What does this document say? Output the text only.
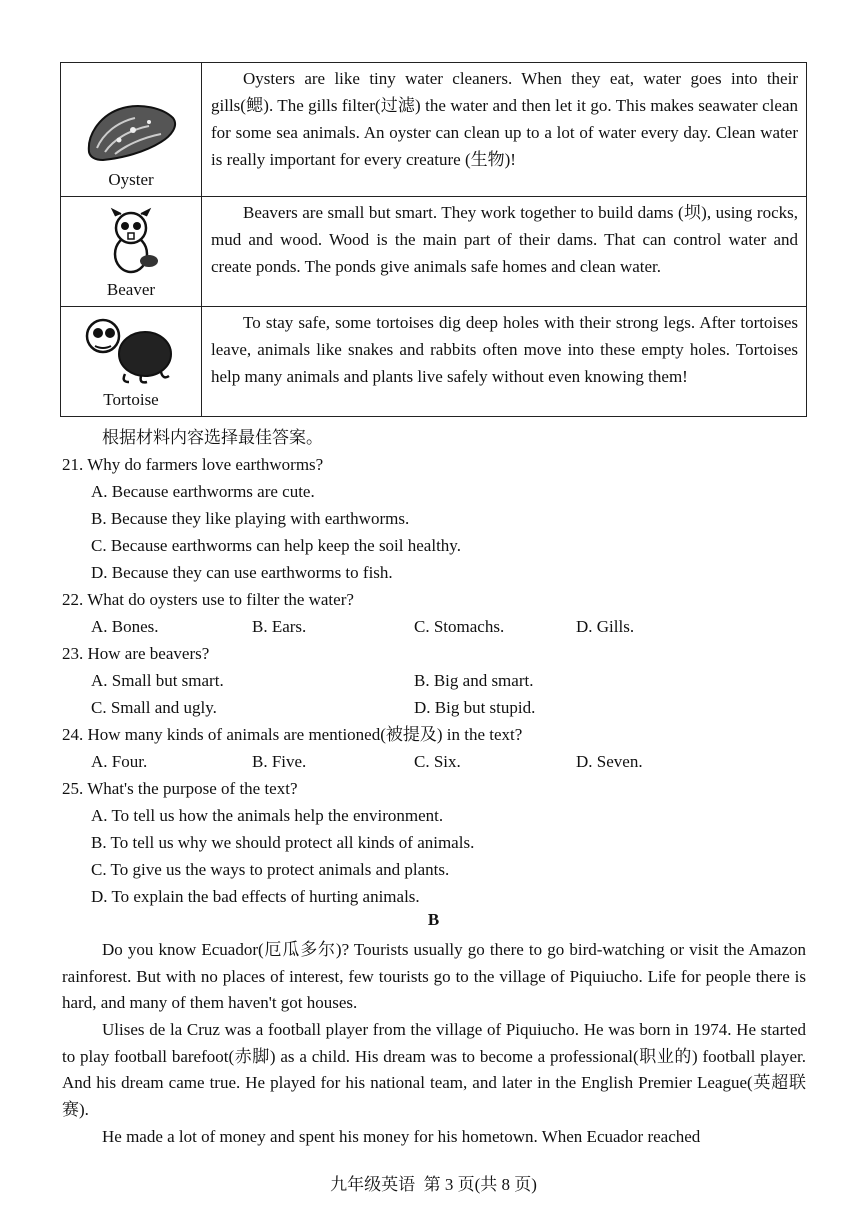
Oyster	Oysters are like tiny water cleaners. When they eat, water goes into their gills(鳃). The gills filter(过滤) the water and then let it go. This makes seawater clean for some sea animals. An oyster can clean up to a lot of water every day. Clean water is really important for every creature (生物)!

Beaver	Beavers are small but smart. They work together to build dams (坝), using rocks, mud and wood. Wood is the main part of their dams. That can control water and create ponds. The ponds give animals safe homes and clean water.

Tortoise	To stay safe, some tortoises dig deep holes with their strong legs. After tortoises leave, animals like snakes and rabbits often move into these empty holes. Tortoises help many animals and plants live safely without even knowing them!
根据材料内容选择最佳答案。
21. Why do farmers love earthworms?
A. Because earthworms are cute.
B. Because they like playing with earthworms.
C. Because earthworms can help keep the soil healthy.
D. Because they can use earthworms to fish.
22. What do oysters use to filter the water?
A. Bones.	B. Ears.	C. Stomachs.	D. Gills.
23. How are beavers?
A. Small but smart.	B. Big and smart.
C. Small and ugly.	D. Big but stupid.
24. How many kinds of animals are mentioned(被提及) in the text?
A. Four.	B. Five.	C. Six.	D. Seven.
25. What's the purpose of the text?
A. To tell us how the animals help the environment.
B. To tell us why we should protect all kinds of animals.
C. To give us the ways to protect animals and plants.
D. To explain the bad effects of hurting animals.
B
Do you know Ecuador(厄瓜多尔)? Tourists usually go there to go bird-watching or visit the Amazon rainforest. But with no places of interest, few tourists go to the village of Piquiucho. Life for people there is hard, and many of them haven't got houses.
Ulises de la Cruz was a football player from the village of Piquiucho. He was born in 1974. He started to play football barefoot(赤脚) as a child. His dream was to become a professional(职业的) football player. And his dream came true. He played for his national team, and later in the English Premier League(英超联赛).
He made a lot of money and spent his money for his hometown. When Ecuador reached
九年级英语  第 3 页(共 8 页)
